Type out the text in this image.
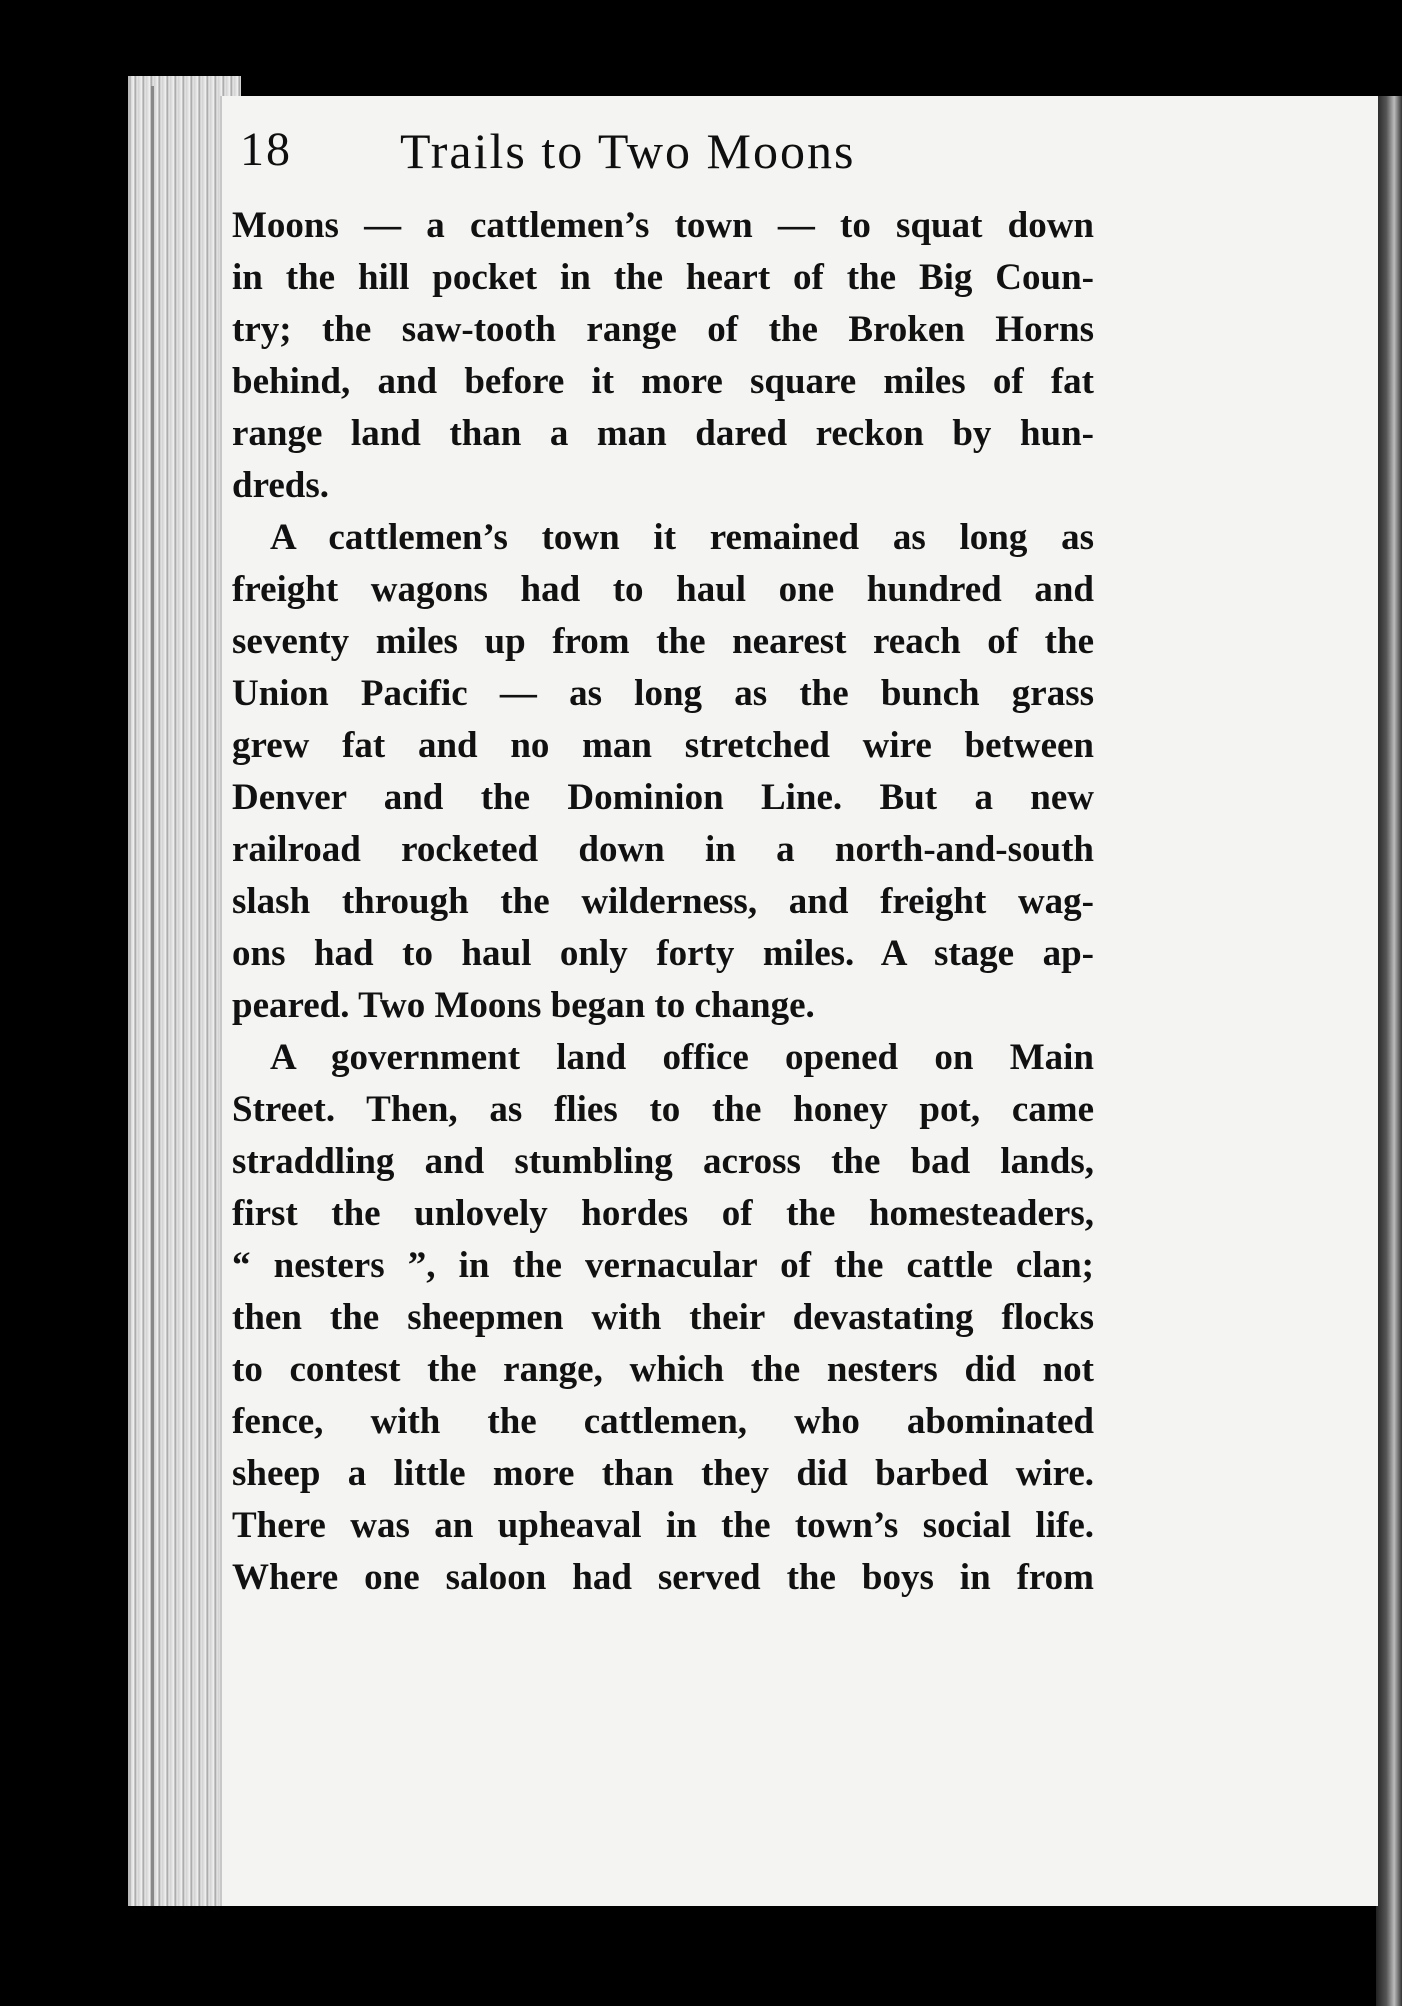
18 Trails to Two Moons
Moons — a cattlemen’s town — to squat down
in the hill pocket in the heart of the Big Coun-
try; the saw-tooth range of the Broken Horns
behind, and before it more square miles of fat
range land than a man dared reckon by hun-
dreds.
A cattlemen’s town it remained as long as
freight wagons had to haul one hundred and
seventy miles up from the nearest reach of the
Union Pacific — as long as the bunch grass
grew fat and no man stretched wire between
Denver and the Dominion Line. But a new
railroad rocketed down in a north-and-south
slash through the wilderness, and freight wag-
ons had to haul only forty miles. A stage ap-
peared. Two Moons began to change.
A government land office opened on Main
Street. Then, as flies to the honey pot, came
straddling and stumbling across the bad lands,
first the unlovely hordes of the homesteaders,
“ nesters ”, in the vernacular of the cattle clan;
then the sheepmen with their devastating flocks
to contest the range, which the nesters did not
fence, with the cattlemen, who abominated
sheep a little more than they did barbed wire.
There was an upheaval in the town’s social life.
Where one saloon had served the boys in from
